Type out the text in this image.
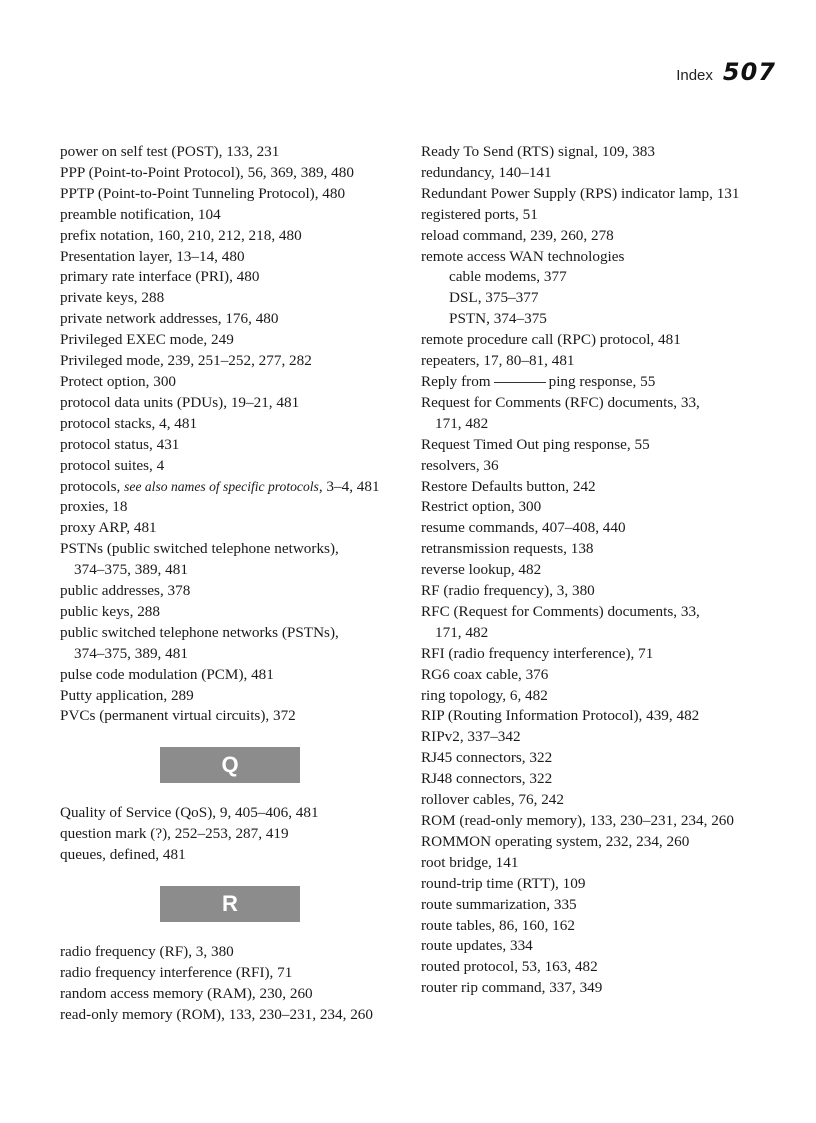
Index 507
power on self test (POST), 133, 231
PPP (Point-to-Point Protocol), 56, 369, 389, 480
PPTP (Point-to-Point Tunneling Protocol), 480
preamble notification, 104
prefix notation, 160, 210, 212, 218, 480
Presentation layer, 13–14, 480
primary rate interface (PRI), 480
private keys, 288
private network addresses, 176, 480
Privileged EXEC mode, 249
Privileged mode, 239, 251–252, 277, 282
Protect option, 300
protocol data units (PDUs), 19–21, 481
protocol stacks, 4, 481
protocol status, 431
protocol suites, 4
protocols, see also names of specific protocols, 3–4, 481
proxies, 18
proxy ARP, 481
PSTNs (public switched telephone networks),
374–375, 389, 481
public addresses, 378
public keys, 288
public switched telephone networks (PSTNs),
374–375, 389, 481
pulse code modulation (PCM), 481
Putty application, 289
PVCs (permanent virtual circuits), 372
Q
Quality of Service (QoS), 9, 405–406, 481
question mark (?), 252–253, 287, 419
queues, defined, 481
R
radio frequency (RF), 3, 380
radio frequency interference (RFI), 71
random access memory (RAM), 230, 260
read-only memory (ROM), 133, 230–231, 234, 260
Ready To Send (RTS) signal, 109, 383
redundancy, 140–141
Redundant Power Supply (RPS) indicator lamp, 131
registered ports, 51
reload command, 239, 260, 278
remote access WAN technologies
cable modems, 377
DSL, 375–377
PSTN, 374–375
remote procedure call (RPC) protocol, 481
repeaters, 17, 80–81, 481
Reply from	ping response, 55
Request for Comments (RFC) documents, 33,
171, 482
Request Timed Out ping response, 55
resolvers, 36
Restore Defaults button, 242
Restrict option, 300
resume commands, 407–408, 440
retransmission requests, 138
reverse lookup, 482
RF (radio frequency), 3, 380
RFC (Request for Comments) documents, 33,
171, 482
RFI (radio frequency interference), 71
RG6 coax cable, 376
ring topology, 6, 482
RIP (Routing Information Protocol), 439, 482
RIPv2, 337–342
RJ45 connectors, 322
RJ48 connectors, 322
rollover cables, 76, 242
ROM (read-only memory), 133, 230–231, 234, 260
ROMMON operating system, 232, 234, 260
root bridge, 141
round-trip time (RTT), 109
route summarization, 335
route tables, 86, 160, 162
route updates, 334
routed protocol, 53, 163, 482
router rip command, 337, 349
